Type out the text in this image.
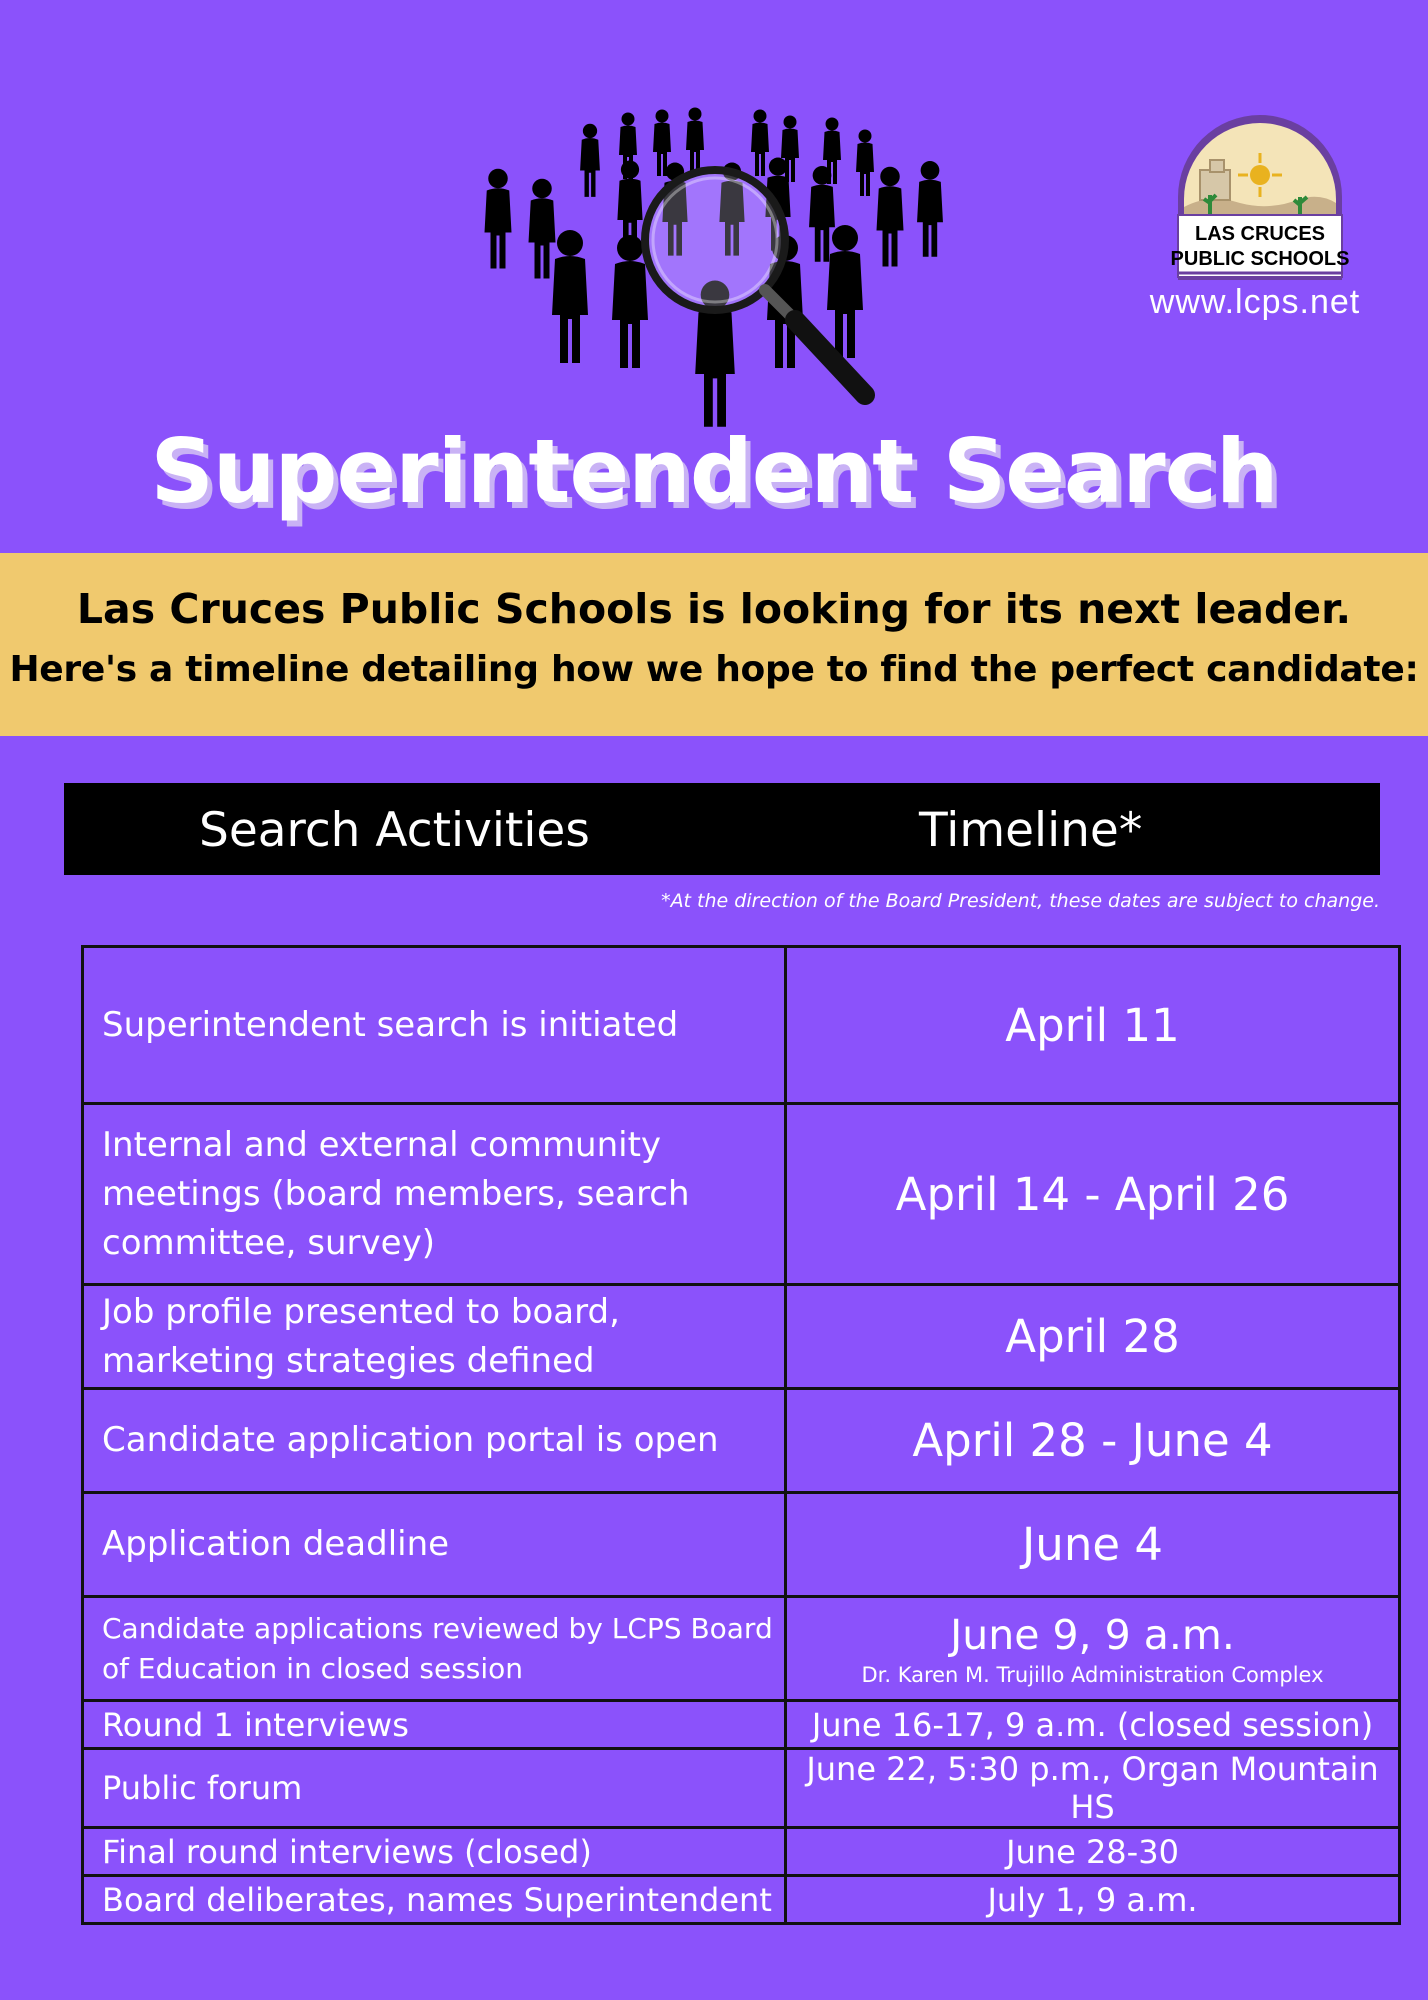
LAS CRUCES
PUBLIC SCHOOLS
www.lcps.net
Superintendent Search
Las Cruces Public Schools is looking for its next leader.
Here's a timeline detailing how we hope to find the perfect candidate:
Search Activities	Timeline*
*At the direction of the Board President, these dates are subject to change.
Superintendent search is initiated	April 11
Internal and external community meetings (board members, search committee, survey)	April 14 - April 26
Job profile presented to board, marketing strategies defined	April 28
Candidate application portal is open	April 28 - June 4
Application deadline	June 4
Candidate applications reviewed by LCPS Board of Education in closed session	June 9, 9 a.m.
Dr. Karen M. Trujillo Administration Complex

Round 1 interviews	June 16-17, 9 a.m. (closed session)
Public forum	June 22, 5:30 p.m., Organ Mountain HS
Final round interviews (closed)	June 28-30
Board deliberates, names Superintendent	July 1, 9 a.m.
